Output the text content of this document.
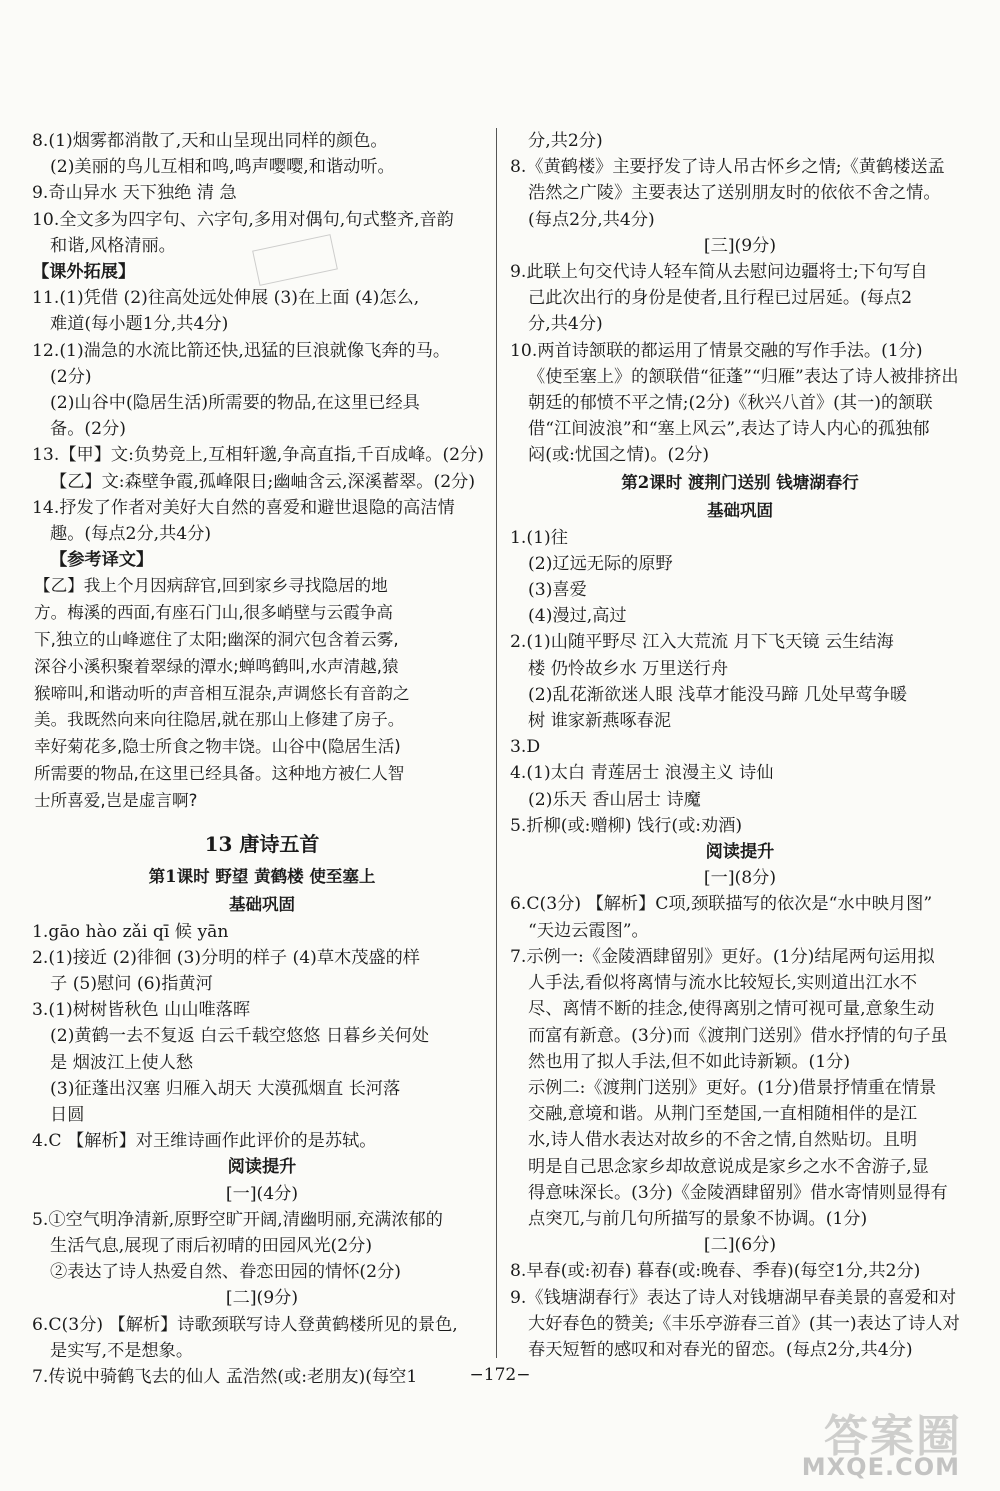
8.(1)烟雾都消散了,天和山呈现出同样的颜色。
(2)美丽的鸟儿互相和鸣,鸣声嘤嘤,和谐动听。
9.奇山异水 天下独绝 清 急
10.全文多为四字句、六字句,多用对偶句,句式整齐,音韵
和谐,风格清丽。
【课外拓展】
11.(1)凭借 (2)往高处远处伸展 (3)在上面 (4)怎么,
难道(每小题1分,共4分)
12.(1)湍急的水流比箭还快,迅猛的巨浪就像飞奔的马。
(2分)
(2)山谷中(隐居生活)所需要的物品,在这里已经具
备。(2分)
13.【甲】文:负势竞上,互相轩邈,争高直指,千百成峰。(2分)
【乙】文:森壁争霞,孤峰限日;幽岫含云,深溪蓄翠。(2分)
14.抒发了作者对美好大自然的喜爱和避世退隐的高洁情
趣。(每点2分,共4分)
【参考译文】
【乙】我上个月因病辞官,回到家乡寻找隐居的地
方。梅溪的西面,有座石门山,很多峭壁与云霞争高
下,独立的山峰遮住了太阳;幽深的洞穴包含着云雾,
深谷小溪积聚着翠绿的潭水;蝉鸣鹤叫,水声清越,猿
猴啼叫,和谐动听的声音相互混杂,声调悠长有音韵之
美。我既然向来向往隐居,就在那山上修建了房子。
幸好菊花多,隐士所食之物丰饶。山谷中(隐居生活)
所需要的物品,在这里已经具备。这种地方被仁人智
士所喜爱,岂是虚言啊?
13 唐诗五首
第1课时 野望 黄鹤楼 使至塞上
基础巩固
1.gāo hào zǎi qī 候 yān
2.(1)接近 (2)徘徊 (3)分明的样子 (4)草木茂盛的样
子 (5)慰问 (6)指黄河
3.(1)树树皆秋色 山山唯落晖
(2)黄鹤一去不复返 白云千载空悠悠 日暮乡关何处
是 烟波江上使人愁
(3)征蓬出汉塞 归雁入胡天 大漠孤烟直 长河落
日圆
4.C 【解析】对王维诗画作此评价的是苏轼。
阅读提升
[一](4分)
5.①空气明净清新,原野空旷开阔,清幽明丽,充满浓郁的
生活气息,展现了雨后初晴的田园风光(2分)
②表达了诗人热爱自然、眷恋田园的情怀(2分)
[二](9分)
6.C(3分) 【解析】诗歌颈联写诗人登黄鹤楼所见的景色,
是实写,不是想象。
7.传说中骑鹤飞去的仙人 孟浩然(或:老朋友)(每空1
分,共2分)
8.《黄鹤楼》主要抒发了诗人吊古怀乡之情;《黄鹤楼送孟
浩然之广陵》主要表达了送别朋友时的依依不舍之情。
(每点2分,共4分)
[三](9分)
9.此联上句交代诗人轻车简从去慰问边疆将士;下句写自
己此次出行的身份是使者,且行程已过居延。(每点2
分,共4分)
10.两首诗颔联的都运用了情景交融的写作手法。(1分)
《使至塞上》的颔联借“征蓬”“归雁”表达了诗人被排挤出
朝廷的郁愤不平之情;(2分)《秋兴八首》(其一)的颔联
借“江间波浪”和“塞上风云”,表达了诗人内心的孤独郁
闷(或:忧国之情)。(2分)
第2课时 渡荆门送别 钱塘湖春行
基础巩固
1.(1)往
(2)辽远无际的原野
(3)喜爱
(4)漫过,高过
2.(1)山随平野尽 江入大荒流 月下飞天镜 云生结海
楼 仍怜故乡水 万里送行舟
(2)乱花渐欲迷人眼 浅草才能没马蹄 几处早莺争暖
树 谁家新燕啄春泥
3.D
4.(1)太白 青莲居士 浪漫主义 诗仙
(2)乐天 香山居士 诗魔
5.折柳(或:赠柳) 饯行(或:劝酒)
阅读提升
[一](8分)
6.C(3分) 【解析】C项,颈联描写的依次是“水中映月图”
“天边云霞图”。
7.示例一:《金陵酒肆留别》更好。(1分)结尾两句运用拟
人手法,看似将离情与流水比较短长,实则道出江水不
尽、离情不断的挂念,使得离别之情可视可量,意象生动
而富有新意。(3分)而《渡荆门送别》借水抒情的句子虽
然也用了拟人手法,但不如此诗新颖。(1分)
示例二:《渡荆门送别》更好。(1分)借景抒情重在情景
交融,意境和谐。从荆门至楚国,一直相随相伴的是江
水,诗人借水表达对故乡的不舍之情,自然贴切。且明
明是自己思念家乡却故意说成是家乡之水不舍游子,显
得意味深长。(3分)《金陵酒肆留别》借水寄情则显得有
点突兀,与前几句所描写的景象不协调。(1分)
[二](6分)
8.早春(或:初春) 暮春(或:晚春、季春)(每空1分,共2分)
9.《钱塘湖春行》表达了诗人对钱塘湖早春美景的喜爱和对
大好春色的赞美;《丰乐亭游春三首》(其一)表达了诗人对
春天短暂的感叹和对春光的留恋。(每点2分,共4分)
−172−
答案圈
MXQE.COM
